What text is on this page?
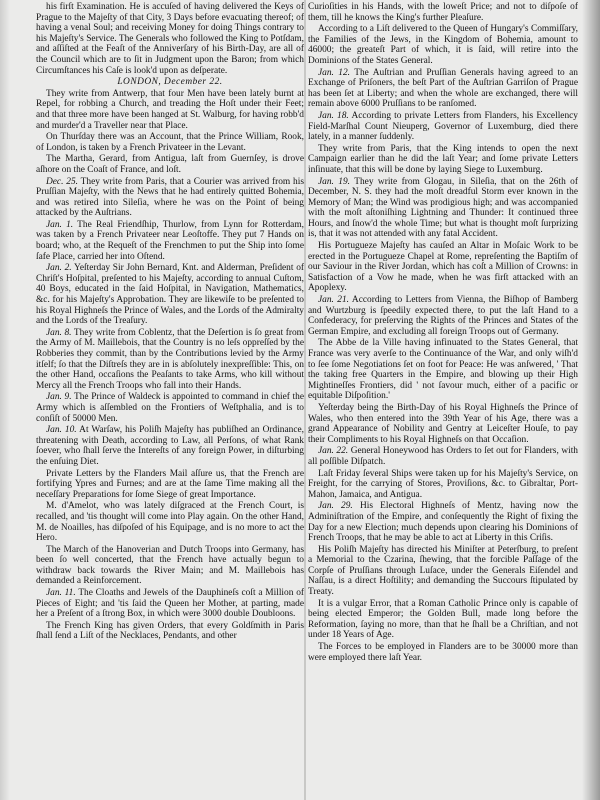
his firſt Examination. He is accuſed of having delivered the Keys of Prague to the Majeſty of that City, 3 Days before evacuating thereof; of having a venal Soul; and receiving Money for doing Things contrary to his Majeſty's Service. The Generals who followed the King to Potſdam, and aſſiſted at the Feaſt of the Anniverſary of his Birth-Day, are all of the Council which are to ſit in Judgment upon the Baron; from which Circumſtances his Caſe is look'd upon as deſperate.

LONDON, December 22.

They write from Antwerp, that four Men have been lately burnt at Repel, for robbing a Church, and treading the Hoſt under their Feet; and that three more have been hanged at St. Walburg, for having robb'd and murder'd a Traveller near that Place.

On Thurſday there was an Account, that the Prince William, Rook, of London, is taken by a French Privateer in the Levant.

The Martha, Gerard, from Antigua, laſt from Guernſey, is drove aſhore on the Coaſt of France, and loſt.

Dec. 25. They write from Paris, that a Courier was arrived from his Pruſſian Majeſty, with the News that he had entirely quitted Bohemia, and was retired into Sileſia, where he was on the Point of being attacked by the Auſtrians.

Jan. 1. The Real Friendſhip, Thurlow, from Lynn for Rotterdam, was taken by a French Privateer near Leoſtoffe. They put 7 Hands on board; who, at the Requeſt of the Frenchmen to put the Ship into ſome ſafe Place, carried her into Oſtend.

Jan. 2. Yeſterday Sir John Bernard, Knt. and Alderman, Preſident of Chriſt's Hoſpital, preſented to his Majeſty, according to annual Cuſtom, 40 Boys, educated in the ſaid Hoſpital, in Navigation, Mathematics, &c. for his Majeſty's Approbation. They are likewiſe to be preſented to his Royal Highneſs the Prince of Wales, and the Lords of the Admiralty and the Lords of the Treaſury.

Jan. 8. They write from Coblentz, that the Deſertion is ſo great from the Army of M. Maillebois, that the Country is no leſs oppreſſed by the Robberies they commit, than by the Contributions levied by the Army itſelf; ſo that the Diſtreſs they are in is abſolutely inexpreſſible: This, on the other Hand, occaſions the Peaſants to take Arms, who kill without Mercy all the French Troops who fall into their Hands.

Jan. 9. The Prince of Waldeck is appointed to command in chief the Army which is aſſembled on the Frontiers of Weſtphalia, and is to conſiſt of 50000 Men.

Jan. 10. At Warſaw, his Poliſh Majeſty has publiſhed an Ordinance, threatening with Death, according to Law, all Perſons, of what Rank ſoever, who ſhall ſerve the Intereſts of any foreign Power, in diſturbing the enſuing Diet.

Private Letters by the Flanders Mail aſſure us, that the French are fortifying Ypres and Furnes; and are at the ſame Time making all the neceſſary Preparations for ſome Siege of great Importance.

M. d'Amelot, who was lately diſgraced at the French Court, is recalled, and 'tis thought will come into Play again. On the other Hand, M. de Noailles, has diſpoſed of his Equipage, and is no more to act the Hero.

The March of the Hanoverian and Dutch Troops into Germany, has been ſo well concerted, that the French have actually begun to withdraw back towards the River Main; and M. Maillebois has demanded a Reinforcement.

Jan. 11. The Cloaths and Jewels of the Dauphineſs coſt a Million of Pieces of Eight; and 'tis ſaid the Queen her Mother, at parting, made her a Preſent of a ſtrong Box, in which were 3000 double Doubloons.

The French King has given Orders, that every Goldſmith in Paris ſhall ſend a Liſt of the Necklaces, Pendants, and other

Curioſities in his Hands, with the loweſt Price; and not to diſpoſe of them, till he knows the King's further Pleaſure.

According to a Liſt delivered to the Queen of Hungary's Commiſſary, the Families of the Jews, in the Kingdom of Bohemia, amount to 46000; the greateſt Part of which, it is ſaid, will retire into the Dominions of the States General.

Jan. 12. The Auſtrian and Pruſſian Generals having agreed to an Exchange of Priſoners, the beſt Part of the Auſtrian Garriſon of Prague has been ſet at Liberty; and when the whole are exchanged, there will remain above 6000 Pruſſians to be ranſomed.

Jan. 18. According to private Letters from Flanders, his Excellency Field-Marſhal Count Nieuperg, Governor of Luxemburg, died there lately, in a manner ſuddenly.

They write from Paris, that the King intends to open the next Campaign earlier than he did the laſt Year; and ſome private Letters inſinuate, that this will be done by laying Siege to Luxemburg.

Jan. 19. They write from Glogau, in Sileſia, that on the 26th of December, N. S. they had the moſt dreadful Storm ever known in the Memory of Man; the Wind was prodigious high; and was accompanied with the moſt aſtoniſhing Lightning and Thunder: It continued three Hours, and ſnow'd the whole Time; but what is thought moſt ſurprizing is, that it was not attended with any fatal Accident.

His Portugueze Majeſty has cauſed an Altar in Moſaic Work to be erected in the Portugueze Chapel at Rome, repreſenting the Baptiſm of our Saviour in the River Jordan, which has coſt a Million of Crowns: in Satisfaction of a Vow he made, when he was firſt attacked with an Apoplexy.

Jan. 21. According to Letters from Vienna, the Biſhop of Bamberg and Wurtzburg is ſpeedily expected there, to put the laſt Hand to a Confederacy, for preſerving the Rights of the Princes and States of the German Empire, and excluding all foreign Troops out of Germany.

The Abbe de la Ville having infinuated to the States General, that France was very averſe to the Continuance of the War, and only wiſh'd to ſee ſome Negotiations ſet on foot for Peace: He was anſwered, ' That the taking free Quarters in the Empire, and blowing up their High Mightineſſes Frontiers, did ' not ſavour much, either of a pacific or equitable Diſpoſition.'

Yeſterday being the Birth-Day of his Royal Highneſs the Prince of Wales, who then entered into the 39th Year of his Age, there was a grand Appearance of Nobility and Gentry at Leiceſter Houſe, to pay their Compliments to his Royal Highneſs on that Occaſion.

Jan. 22. General Honeywood has Orders to ſet out for Flanders, with all poſſible Diſpatch.

Laſt Friday ſeveral Ships were taken up for his Majeſty's Service, on Freight, for the carrying of Stores, Proviſions, &c. to Gibraltar, Port-Mahon, Jamaica, and Antigua.

Jan. 29. His Electoral Highneſs of Mentz, having now the Adminiſtration of the Empire, and conſequently the Right of fixing the Day for a new Election; much depends upon clearing his Dominions of French Troops, that he may be able to act at Liberty in this Criſis.

His Poliſh Majeſty has directed his Miniſter at Peterſburg, to preſent a Memorial to the Czarina, ſhewing, that the forcible Paſſage of the Corpſe of Pruſſians through Luſace, under the Generals Eiſendel and Naſſau, is a direct Hoſtility; and demanding the Succours ſtipulated by Treaty.

It is a vulgar Error, that a Roman Catholic Prince only is capable of being elected Emperor; the Golden Bull, made long before the Reformation, ſaying no more, than that he ſhall be a Chriſtian, and not under 18 Years of Age.

The Forces to be employed in Flanders are to be 30000 more than were employed there laſt Year.
